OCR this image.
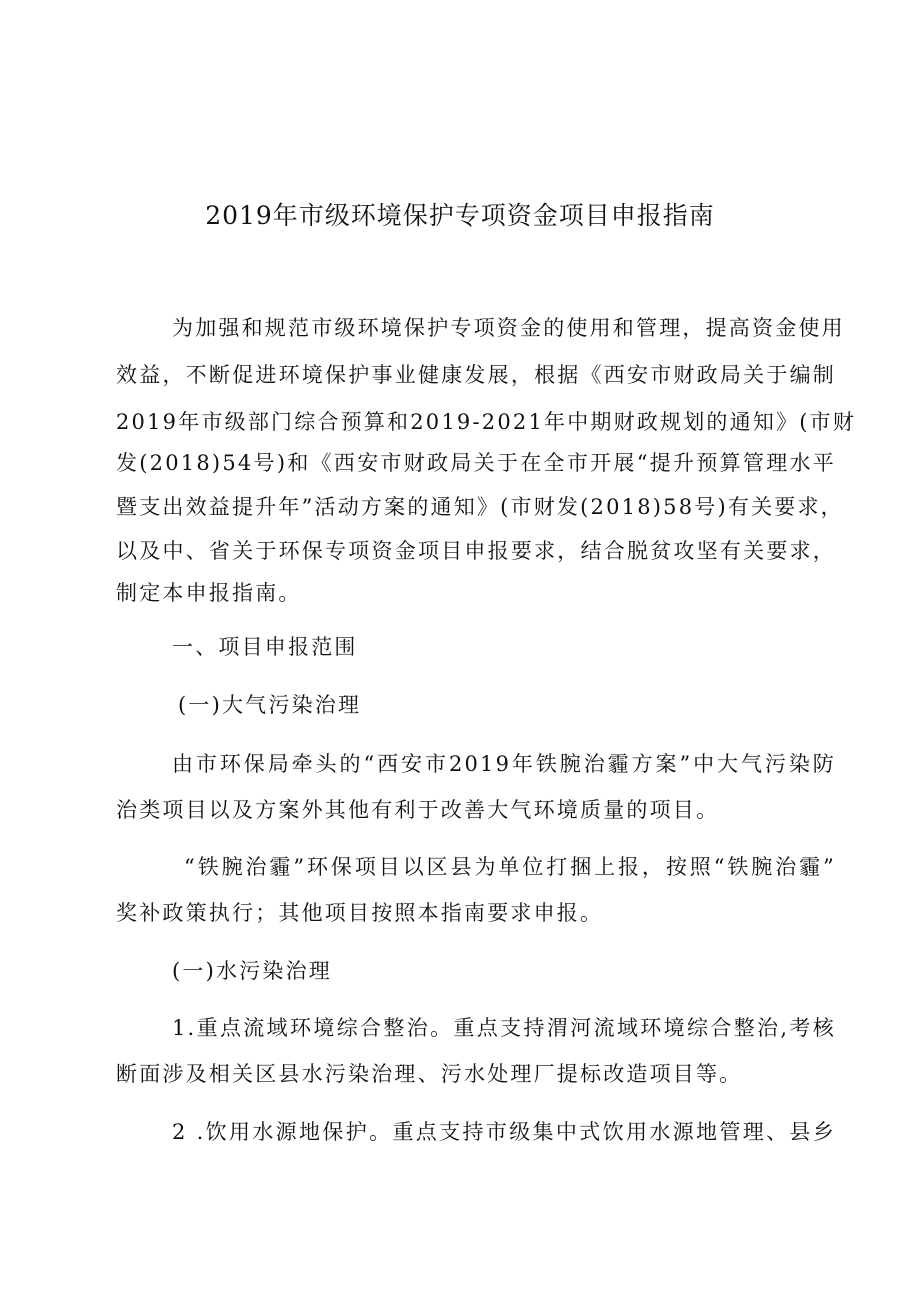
2019年市级环境保护专项资金项目申报指南
为加强和规范市级环境保护专项资金的使用和管理，提高资金使用
效益，不断促进环境保护事业健康发展，根据《西安市财政局关于编制
2019年市级部门综合预算和2019-2021年中期财政规划的通知》(市财
发(2018)54号)和《西安市财政局关于在全市开展“提升预算管理水平
暨支出效益提升年”活动方案的通知》(市财发(2018)58号)有关要求，
以及中、省关于环保专项资金项目申报要求，结合脱贫攻坚有关要求，
制定本申报指南。
一、项目申报范围
(一)大气污染治理
由市环保局牵头的“西安市2019年铁腕治霾方案”中大气污染防
治类项目以及方案外其他有利于改善大气环境质量的项目。
“铁腕治霾”环保项目以区县为单位打捆上报，按照“铁腕治霾”
奖补政策执行；其他项目按照本指南要求申报。
(一)水污染治理
1.重点流域环境综合整治。重点支持渭河流域环境综合整治,考核
断面涉及相关区县水污染治理、污水处理厂提标改造项目等。
2 .饮用水源地保护。重点支持市级集中式饮用水源地管理、县乡
